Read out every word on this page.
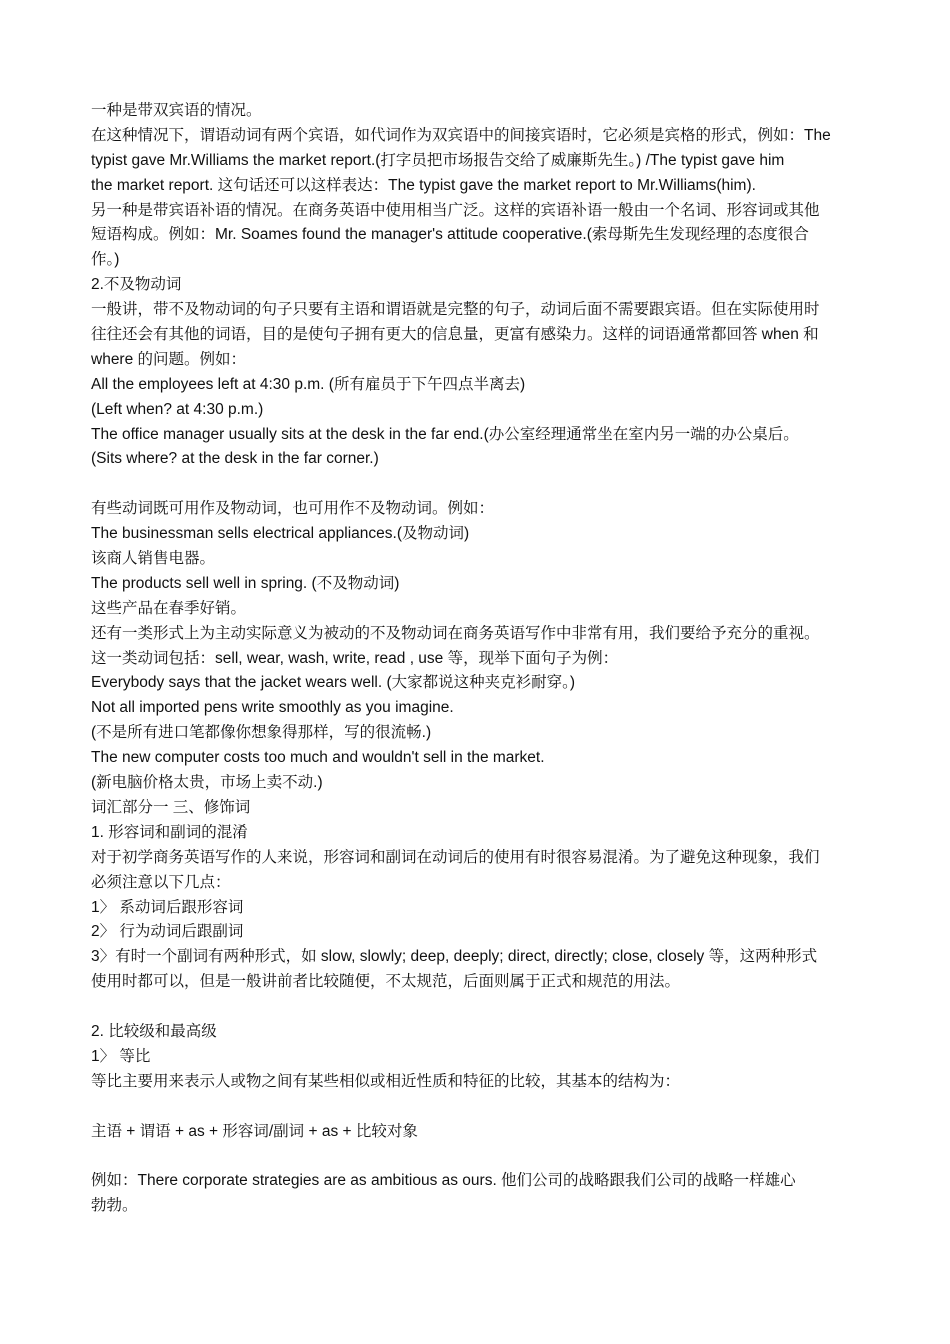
一种是带双宾语的情况。
在这种情况下，谓语动词有两个宾语，如代词作为双宾语中的间接宾语时，它必须是宾格的形式，例如：The
typist gave Mr.Williams the market report.(打字员把市场报告交给了威廉斯先生。) /The typist gave him
the market report. 这句话还可以这样表达：The typist gave the market report to Mr.Williams(him).
另一种是带宾语补语的情况。在商务英语中使用相当广泛。这样的宾语补语一般由一个名词、形容词或其他
短语构成。例如：Mr. Soames found the manager's attitude cooperative.(索母斯先生发现经理的态度很合
作。)
2.不及物动词
一般讲，带不及物动词的句子只要有主语和谓语就是完整的句子，动词后面不需要跟宾语。但在实际使用时
往往还会有其他的词语，目的是使句子拥有更大的信息量，更富有感染力。这样的词语通常都回答 when 和
where 的问题。例如：
All the employees left at 4:30 p.m. (所有雇员于下午四点半离去)
(Left when? at 4:30 p.m.)
The office manager usually sits at the desk in the far end.(办公室经理通常坐在室内另一端的办公桌后。
(Sits where? at the desk in the far corner.)
有些动词既可用作及物动词，也可用作不及物动词。例如：
The businessman sells electrical appliances.(及物动词)
该商人销售电器。
The products sell well in spring. (不及物动词)
这些产品在春季好销。
还有一类形式上为主动实际意义为被动的不及物动词在商务英语写作中非常有用，我们要给予充分的重视。
这一类动词包括：sell, wear, wash, write, read , use 等，现举下面句子为例：
Everybody says that the jacket wears well. (大家都说这种夹克衫耐穿。)
Not all imported pens write smoothly as you imagine.
(不是所有进口笔都像你想象得那样，写的很流畅.)
The new computer costs too much and wouldn't sell in the market.
(新电脑价格太贵，市场上卖不动.)
词汇部分一 三、修饰词
1. 形容词和副词的混淆
对于初学商务英语写作的人来说，形容词和副词在动词后的使用有时很容易混淆。为了避免这种现象，我们
必须注意以下几点：
1〉 系动词后跟形容词
2〉 行为动词后跟副词
3〉有时一个副词有两种形式，如 slow, slowly; deep, deeply; direct, directly; close, closely 等，这两种形式
使用时都可以，但是一般讲前者比较随便，不太规范，后面则属于正式和规范的用法。
2. 比较级和最高级
1〉 等比
等比主要用来表示人或物之间有某些相似或相近性质和特征的比较，其基本的结构为：
主语 + 谓语 + as + 形容词/副词 + as + 比较对象
例如：There corporate strategies are as ambitious as ours. 他们公司的战略跟我们公司的战略一样雄心
勃勃。
